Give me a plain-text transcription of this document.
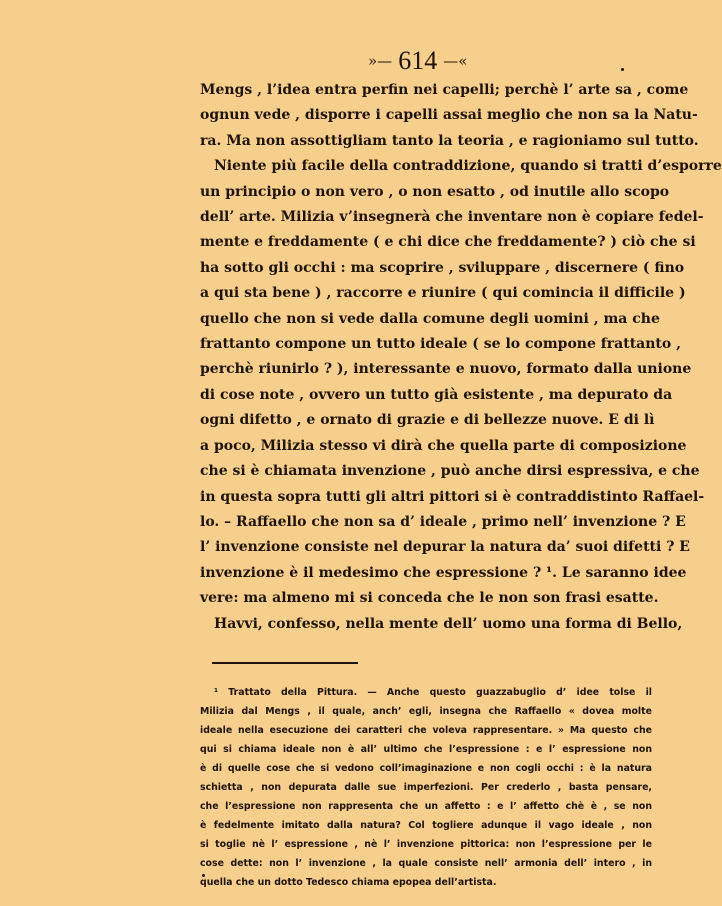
»— 614 —«
Mengs , l’idea entra perfin nei capelli; perchè l’ arte sa , come
ognun vede , disporre i capelli assai meglio che non sa la Natu-
ra. Ma non assottigliam tanto la teoria , e ragioniamo sul tutto.
Niente più facile della contraddizione, quando si tratti d’esporre
un principio o non vero , o non esatto , od inutile allo scopo
dell’ arte. Milizia v’insegnerà che inventare non è copiare fedel-
mente e freddamente ( e chi dice che freddamente? ) ciò che si
ha sotto gli occhi : ma scoprire , sviluppare , discernere ( fino
a qui sta bene ) , raccorre e riunire ( qui comincia il difficile )
quello che non si vede dalla comune degli uomini , ma che
frattanto compone un tutto ideale ( se lo compone frattanto ,
perchè riunirlo ? ), interessante e nuovo, formato dalla unione
di cose note , ovvero un tutto già esistente , ma depurato da
ogni difetto , e ornato di grazie e di bellezze nuove. E di lì
a poco, Milizia stesso vi dirà che quella parte di composizione
che si è chiamata invenzione , può anche dirsi espressiva, e che
in questa sopra tutti gli altri pittori si è contraddistinto Raffael-
lo. – Raffaello che non sa d’ ideale , primo nell’ invenzione ? E
l’ invenzione consiste nel depurar la natura da’ suoi difetti ? E
invenzione è il medesimo che espressione ? ¹. Le saranno idee
vere: ma almeno mi si conceda che le non son frasi esatte.
Havvi, confesso, nella mente dell’ uomo una forma di Bello,
¹ Trattato della Pittura. — Anche questo guazzabuglio d’ idee tolse il
Milizia dal Mengs , il quale, anch’ egli, insegna che Raffaello « dovea molte
ideale nella esecuzione dei caratteri che voleva rappresentare. » Ma questo che
qui si chiama ideale non è all’ ultimo che l’espressione : e l’ espressione non
è di quelle cose che si vedono coll’imaginazione e non cogli occhi : è la natura
schietta , non depurata dalle sue imperfezioni. Per crederlo , basta pensare,
che l’espressione non rappresenta che un affetto : e l’ affetto chè è , se non
è fedelmente imitato dalla natura? Col togliere adunque il vago ideale , non
si toglie nè l’ espressione , nè l’ invenzione pittorica: non l’espressione per le
cose dette: non l’ invenzione , la quale consiste nell’ armonia dell’ intero , in
quella che un dotto Tedesco chiama epopea dell’artista.
